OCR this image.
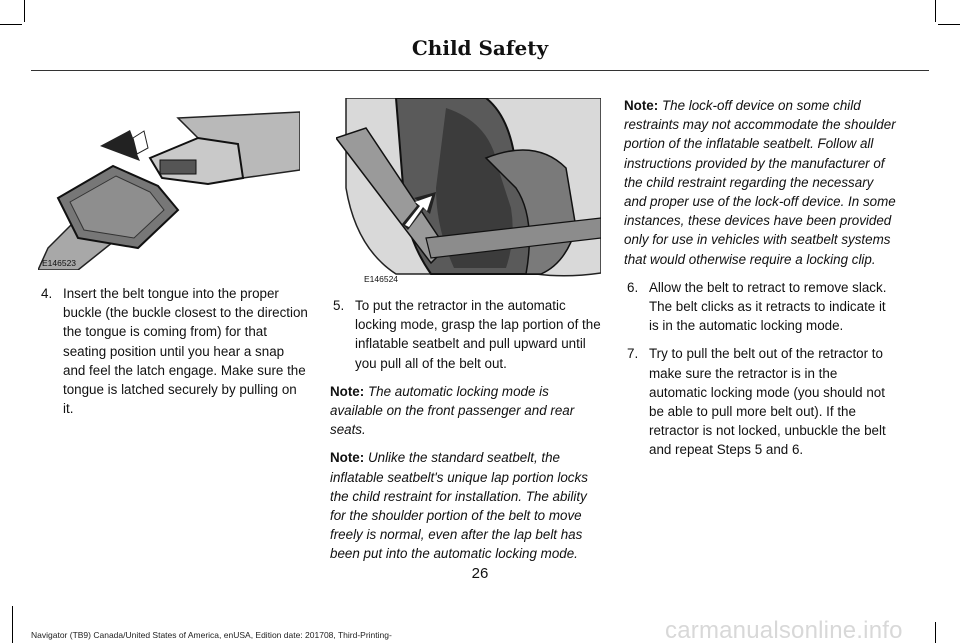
Child Safety
E146523
E146524
4. Insert the belt tongue into the proper buckle (the buckle closest to the direction the tongue is coming from) for that seating position until you hear a snap and feel the latch engage. Make sure the tongue is latched securely by pulling on it.
5. To put the retractor in the automatic locking mode, grasp the lap portion of the inflatable seatbelt and pull upward until you pull all of the belt out.
Note: The automatic locking mode is available on the front passenger and rear seats.
Note: Unlike the standard seatbelt, the inflatable seatbelt's unique lap portion locks the child restraint for installation. The ability for the shoulder portion of the belt to move freely is normal, even after the lap belt has been put into the automatic locking mode.
Note: The lock-off device on some child restraints may not accommodate the shoulder portion of the inflatable seatbelt. Follow all instructions provided by the manufacturer of the child restraint regarding the necessary and proper use of the lock-off device. In some instances, these devices have been provided only for use in vehicles with seatbelt systems that would otherwise require a locking clip.
6. Allow the belt to retract to remove slack. The belt clicks as it retracts to indicate it is in the automatic locking mode.
7. Try to pull the belt out of the retractor to make sure the retractor is in the automatic locking mode (you should not be able to pull more belt out). If the retractor is not locked, unbuckle the belt and repeat Steps 5 and 6.
26
Navigator (TB9) Canada/United States of America, enUSA, Edition date: 201708, Third-Printing-	carmanualsonline.info
